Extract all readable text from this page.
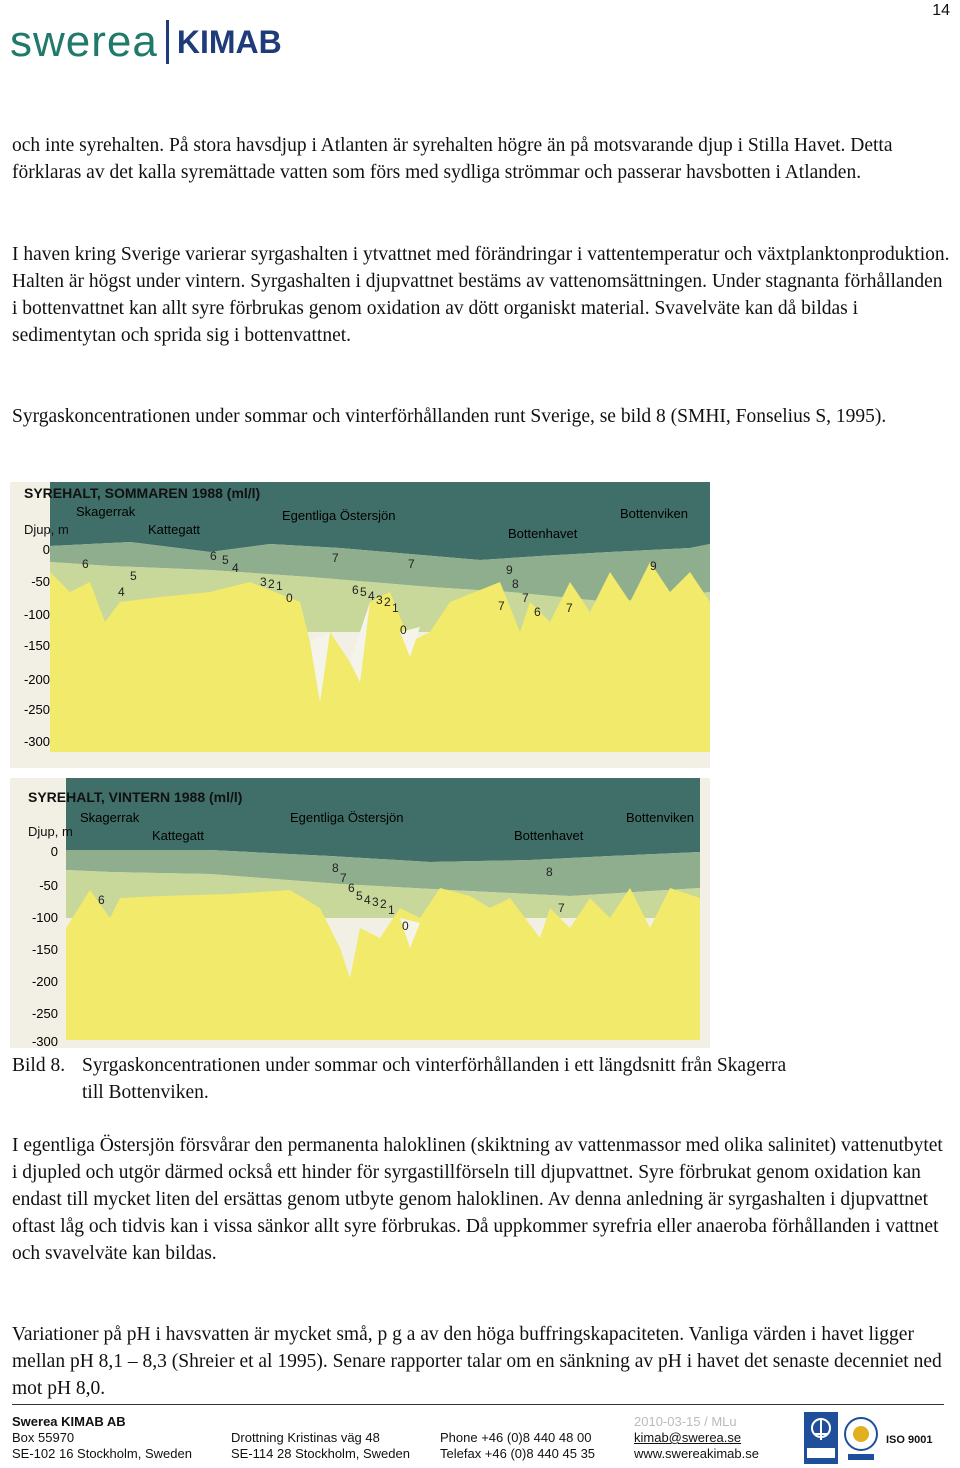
14
swerea KIMAB

och inte syrehalten. På stora havsdjup i Atlanten är syrehalten högre än på motsvarande djup i Stilla Havet. Detta förklaras av det kalla syremättade vatten som förs med sydliga strömmar och passerar havsbotten i Atlanden.

I haven kring Sverige varierar syrgashalten i ytvattnet med förändringar i vattentemperatur och växtplanktonproduktion. Halten är högst under vintern. Syrgashalten i djupvattnet bestäms av vattenomsättningen. Under stagnanta förhållanden i bottenvattnet kan allt syre förbrukas genom oxidation av dött organiskt material. Svavelväte kan då bildas i sedimentytan och sprida sig i bottenvattnet.

Syrgaskoncentrationen under sommar och vinterförhållanden runt Sverige, se bild 8 (SMHI, Fonselius S, 1995).

SYREHALT, SOMMAREN 1988 (ml/l)
Djup, m
Skagerrak
Kattegatt
Egentliga Östersjön
Bottenhavet
Bottenviken
0
-50
-100
-150
-200
-250
-300
6
5
4
6 5
4
3 2 1
0
7	7
6 5 4 3 2 1
0
9
8
7
7 6 7
9
SYREHALT, VINTERN 1988 (ml/l)
Djup, m
Skagerrak
Kattegatt
Egentliga Östersjön
Bottenhavet
Bottenviken
0
-50
-100
-150
-200
-250
-300
6
8
7
6
5 4 3 2 1
0
8
7
Bild 8. Syrgaskoncentrationen under sommar och vinterförhållanden i ett längdsnitt från Skagerra
till Bottenviken.

I egentliga Östersjön försvårar den permanenta haloklinen (skiktning av vattenmassor med olika salinitet) vattenutbytet i djupled och utgör därmed också ett hinder för syrgastillförseln till djupvattnet. Syre förbrukat genom oxidation kan endast till mycket liten del ersättas genom utbyte genom haloklinen. Av denna anledning är syrgashalten i djupvattnet oftast låg och tidvis kan i vissa sänkor allt syre förbrukas. Då uppkommer syrefria eller anaeroba förhållanden i vattnet och svavelväte kan bildas.

Variationer på pH i havsvatten är mycket små, p g a av den höga buffringskapaciteten. Vanliga värden i havet ligger mellan pH 8,1 – 8,3 (Shreier et al 1995). Senare rapporter talar om en sänkning av pH i havet det senaste decenniet ned mot pH 8,0.

Swerea KIMAB AB
Box 55970
SE-102 16 Stockholm, Sweden
Drottning Kristinas väg 48
SE-114 28 Stockholm, Sweden
Phone +46 (0)8 440 48 00
Telefax +46 (0)8 440 45 35
2010-03-15 / MLu
kimab@swerea.se
www.swereakimab.se
ISO 9001
